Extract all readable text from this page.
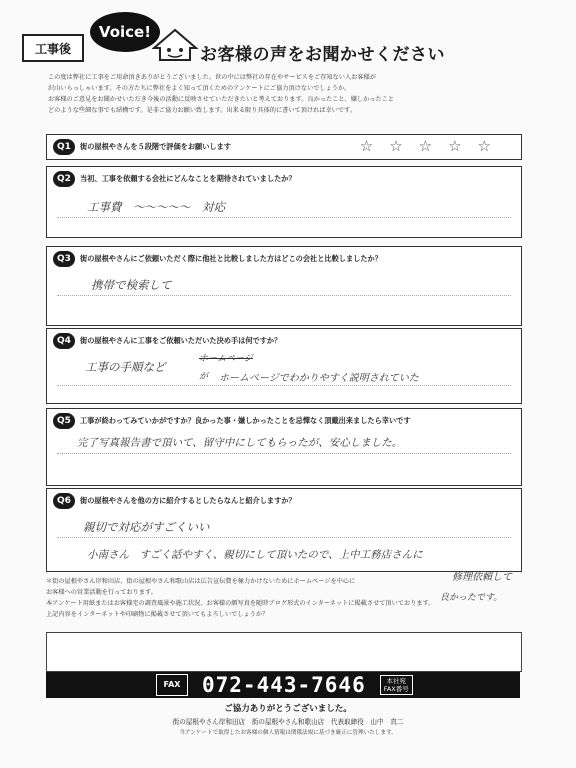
工事後
Voice!
お客様の声をお聞かせください
この度は弊社に工事をご用命頂きありがとうございました。世の中には弊社の存在やサービスをご存知ない人お客様が
沢山いらっしゃいます。その方たちに弊社をよく知って頂くためのアンケートにご協力頂けないでしょうか。
お客様のご意見をお聞かせいただき今後の活動に反映させていただきたいと考えております。良かったこと、嫌しかったこと
どのような些細な事でも結構です。是非ご協力お願い致します。出来る限り具体的に書いて頂ければ幸いです。
Q1	街の屋根やさんを５段階で評価をお願いします	☆☆☆☆☆
Q2	当初、工事を依頼する会社にどんなことを期待されていましたか？
工事費　〜〜〜〜〜　対応
Q3	街の屋根やさんにご依頼いただく際に他社と比較しました方はどこの会社と比較しましたか？
携帯で検索して
Q4	街の屋根やさんに工事をご依頼いただいた決め手は何ですか？
工事の手順など
ホームページ
が ホームページでわかりやすく説明されていた
Q5	工事が終わってみていかがですか？良かった事・嫌しかったことを忌憚なく頂戴出来ましたら幸いです
完了写真報告書で頂いて、留守中にしてもらったが、安心しました。
Q6	街の屋根やさんを他の方に紹介するとしたらなんと紹介しますか？
親切で対応がすごくいい
小南さん　すごく話やすく、親切にして頂いたので、上中工務店さんに
修理依頼して
＊街の屋根やさん岸和田店、街の屋根やさん和歌山店は広告宣伝費を極力かけないためにホームページを中心に
お客様への営業活動を行っております。
本アンケート用紙またはお客様宅の調査風景や施工状況、お客様の顔写真を随時ブログ形式のインターネットに掲載させて頂いております。
上記内容をインターネットや印刷物に掲載させて頂いてもよろしいでしょうか？
良かったです。
FAX	072-443-7646	本社宛
FAX番号
ご協力ありがとうございました。
街の屋根やさん岸和田店　街の屋根やさん和歌山店　代表取締役　山中　真二
当アンケートで取得したお客様の個人情報は関係法規に基づき厳正に管理いたします。
